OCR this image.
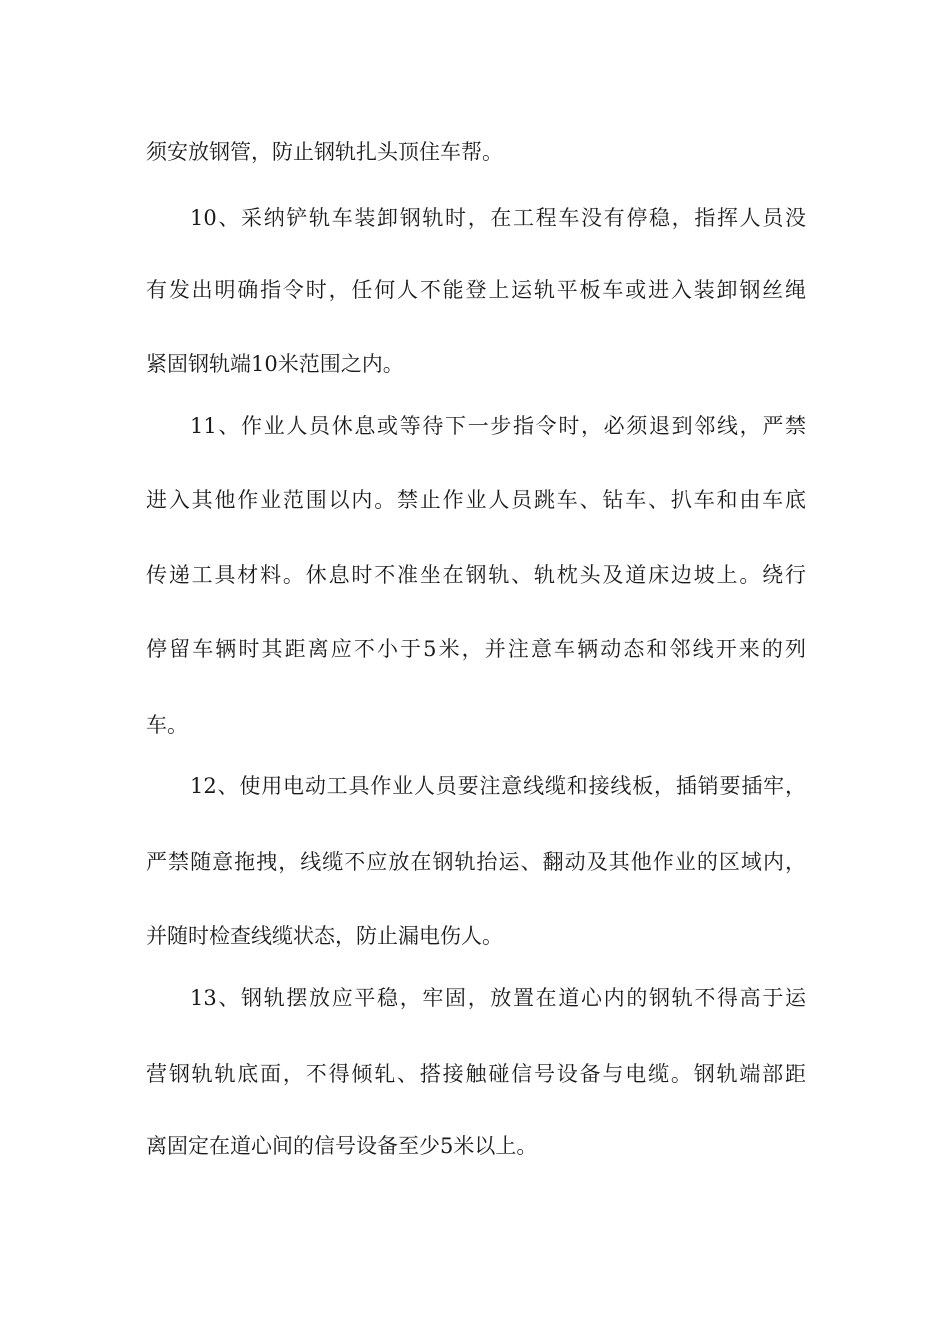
须安放钢管，防止钢轨扎头顶住车帮。
10、采纳铲轨车装卸钢轨时，在工程车没有停稳，指挥人员没
有发出明确指令时，任何人不能登上运轨平板车或进入装卸钢丝绳
紧固钢轨端10米范围之内。
11、作业人员休息或等待下一步指令时，必须退到邻线，严禁
进入其他作业范围以内。禁止作业人员跳车、钻车、扒车和由车底
传递工具材料。休息时不准坐在钢轨、轨枕头及道床边坡上。绕行
停留车辆时其距离应不小于5米，并注意车辆动态和邻线开来的列
车。
12、使用电动工具作业人员要注意线缆和接线板，插销要插牢，
严禁随意拖拽，线缆不应放在钢轨抬运、翻动及其他作业的区域内，
并随时检查线缆状态，防止漏电伤人。
13、钢轨摆放应平稳，牢固，放置在道心内的钢轨不得高于运
营钢轨轨底面，不得倾轧、搭接触碰信号设备与电缆。钢轨端部距
离固定在道心间的信号设备至少5米以上。
